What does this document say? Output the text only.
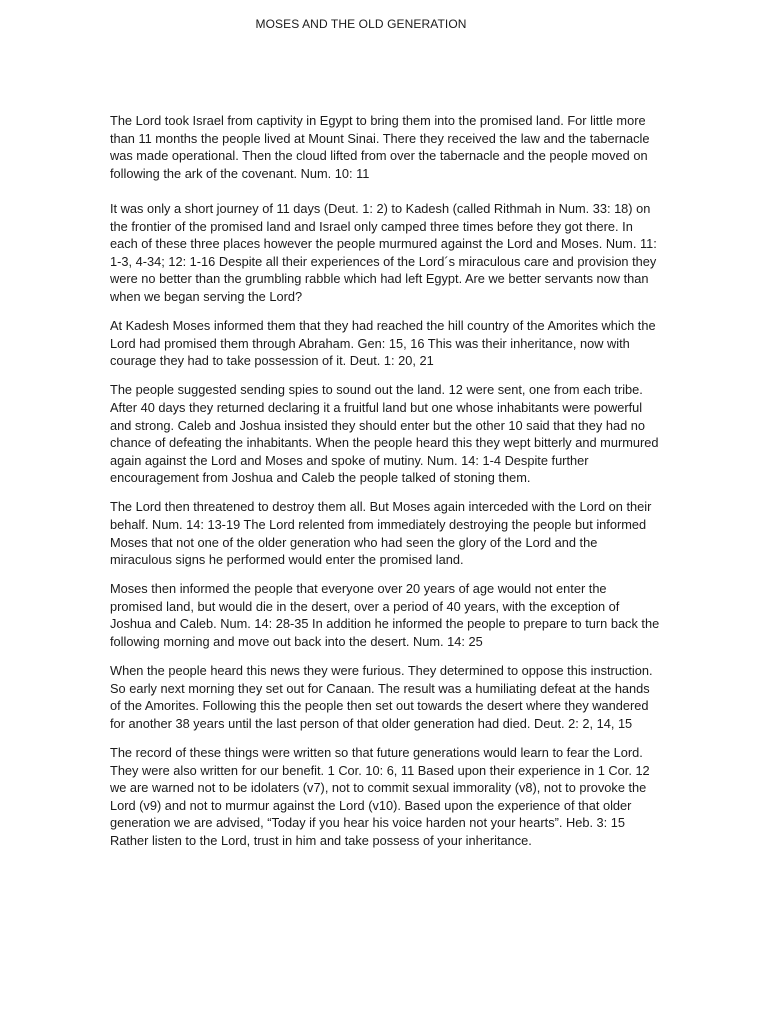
MOSES AND THE OLD GENERATION

The Lord took Israel from captivity in Egypt to bring them into the promised land. For little more than 11 months the people lived at Mount Sinai. There they received the law and the tabernacle was made operational. Then the cloud lifted from over the tabernacle and the people moved on following the ark of the covenant. Num. 10: 11

It was only a short journey of 11 days (Deut. 1: 2) to Kadesh (called Rithmah in Num. 33: 18) on the frontier of the promised land and Israel only camped three times before they got there. In each of these three places however the people murmured against the Lord and Moses. Num. 11: 1-3, 4-34; 12: 1-16 Despite all their experiences of the Lord´s miraculous care and provision they were no better than the grumbling rabble which had left Egypt. Are we better servants now than when we began serving the Lord?

At Kadesh Moses informed them that they had reached the hill country of the Amorites which the Lord had promised them through Abraham. Gen: 15, 16 This was their inheritance, now with courage they had to take possession of it. Deut. 1: 20, 21

The people suggested sending spies to sound out the land. 12 were sent, one from each tribe. After 40 days they returned declaring it a fruitful land but one whose inhabitants were powerful and strong. Caleb and Joshua insisted they should enter but the other 10 said that they had no chance of defeating the inhabitants. When the people heard this they wept bitterly and murmured again against the Lord and Moses and spoke of mutiny. Num. 14: 1-4 Despite further encouragement from Joshua and Caleb the people talked of stoning them.

The Lord then threatened to destroy them all. But Moses again interceded with the Lord on their behalf. Num. 14: 13-19 The Lord relented from immediately destroying the people but informed Moses that not one of the older generation who had seen the glory of the Lord and the miraculous signs he performed would enter the promised land.

Moses then informed the people that everyone over 20 years of age would not enter the promised land, but would die in the desert, over a period of 40 years, with the exception of Joshua and Caleb. Num. 14: 28-35 In addition he informed the people to prepare to turn back the following morning and move out back into the desert. Num. 14: 25

When the people heard this news they were furious. They determined to oppose this instruction. So early next morning they set out for Canaan. The result was a humiliating defeat at the hands of the Amorites. Following this the people then set out towards the desert where they wandered for another 38 years until the last person of that older generation had died. Deut. 2: 2, 14, 15

The record of these things were written so that future generations would learn to fear the Lord. They were also written for our benefit. 1 Cor. 10: 6, 11 Based upon their experience in 1 Cor. 12 we are warned not to be idolaters (v7), not to commit sexual immorality (v8), not to provoke the Lord (v9) and not to murmur against the Lord (v10). Based upon the experience of that older generation we are advised, “Today if you hear his voice harden not your hearts”. Heb. 3: 15 Rather listen to the Lord, trust in him and take possess of your inheritance.
